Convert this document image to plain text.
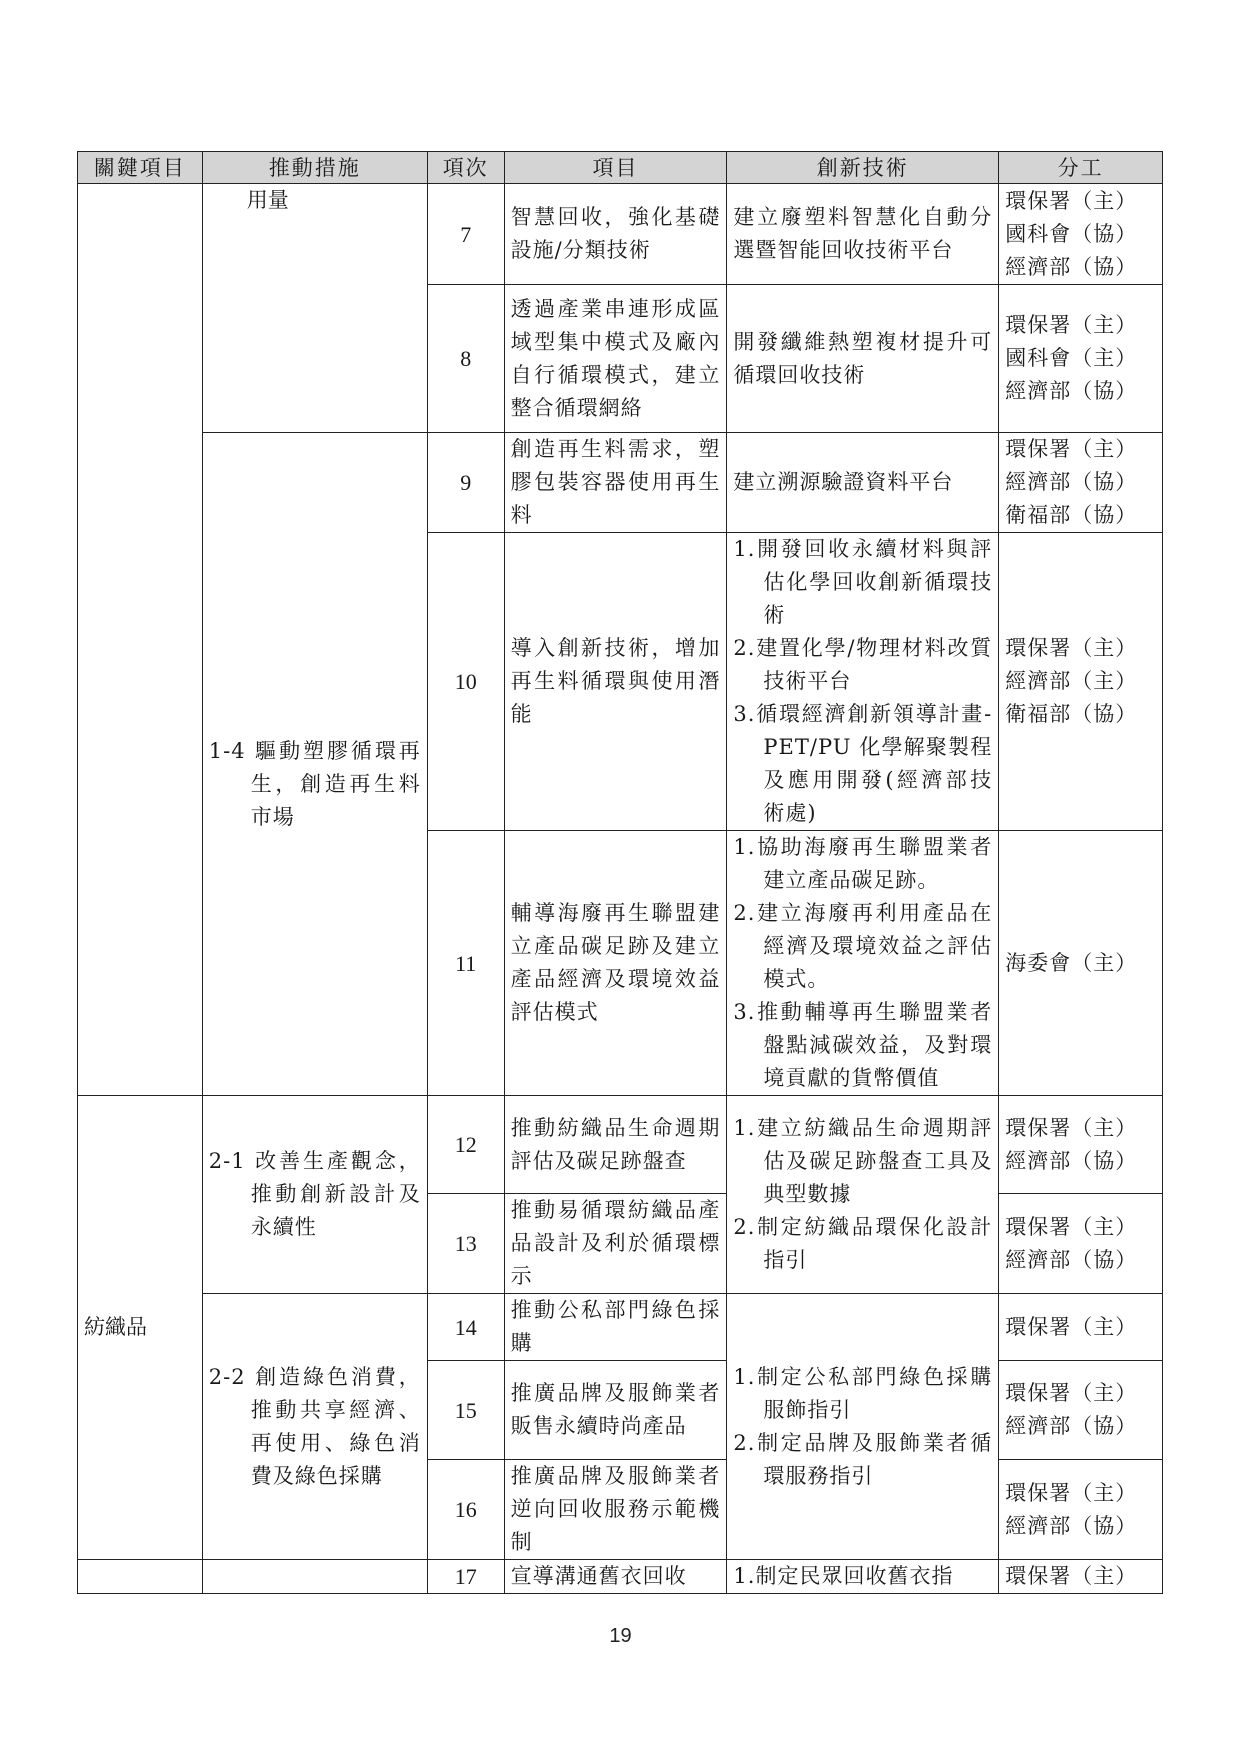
關鍵項目	推動措施	項次	項目	創新技術	分工
	用量	7	智慧回收，強化基礎設施/分類技術	建立廢塑料智慧化自動分選暨智能回收技術平台	環保署（主）
國科會（協）
經濟部（協）

		8	透過產業串連形成區域型集中模式及廠內自行循環模式，建立整合循環網絡	開發纖維熱塑複材提升可循環回收技術	環保署（主）
國科會（主）
經濟部（協）

	1-4 驅動塑膠循環再生，創造再生料市場	9	創造再生料需求，塑膠包裝容器使用再生料	建立溯源驗證資料平台	環保署（主）
經濟部（協）
衛福部（協）

		10	導入創新技術，增加再生料循環與使用潛能	1.開發回收永續材料與評估化學回收創新循環技術
2.建置化學/物理材料改質技術平台
3.循環經濟創新領導計畫-PET/PU 化學解聚製程及應用開發(經濟部技術處)	環保署（主）
經濟部（主）
衛福部（協）

		11	輔導海廢再生聯盟建立產品碳足跡及建立產品經濟及環境效益評估模式	1.協助海廢再生聯盟業者建立產品碳足跡。
2.建立海廢再利用產品在經濟及環境效益之評估模式。
3.推動輔導再生聯盟業者盤點減碳效益，及對環境貢獻的貨幣價值	海委會（主）

紡織品	2-1 改善生產觀念，推動創新設計及永續性	12	推動紡織品生命週期評估及碳足跡盤查	1.建立紡織品生命週期評估及碳足跡盤查工具及典型數據
2.制定紡織品環保化設計指引	環保署（主）
經濟部（協）

		13	推動易循環紡織品產品設計及利於循環標示		環保署（主）
經濟部（協）

	2-2 創造綠色消費，推動共享經濟、再使用、綠色消費及綠色採購	14	推動公私部門綠色採購	1.制定公私部門綠色採購服飾指引
2.制定品牌及服飾業者循環服務指引	環保署（主）

		15	推廣品牌及服飾業者販售永續時尚產品		環保署（主）
經濟部（協）

		16	推廣品牌及服飾業者逆向回收服務示範機制		環保署（主）
經濟部（協）

		17	宣導溝通舊衣回收	1.制定民眾回收舊衣指	環保署（主）
19
